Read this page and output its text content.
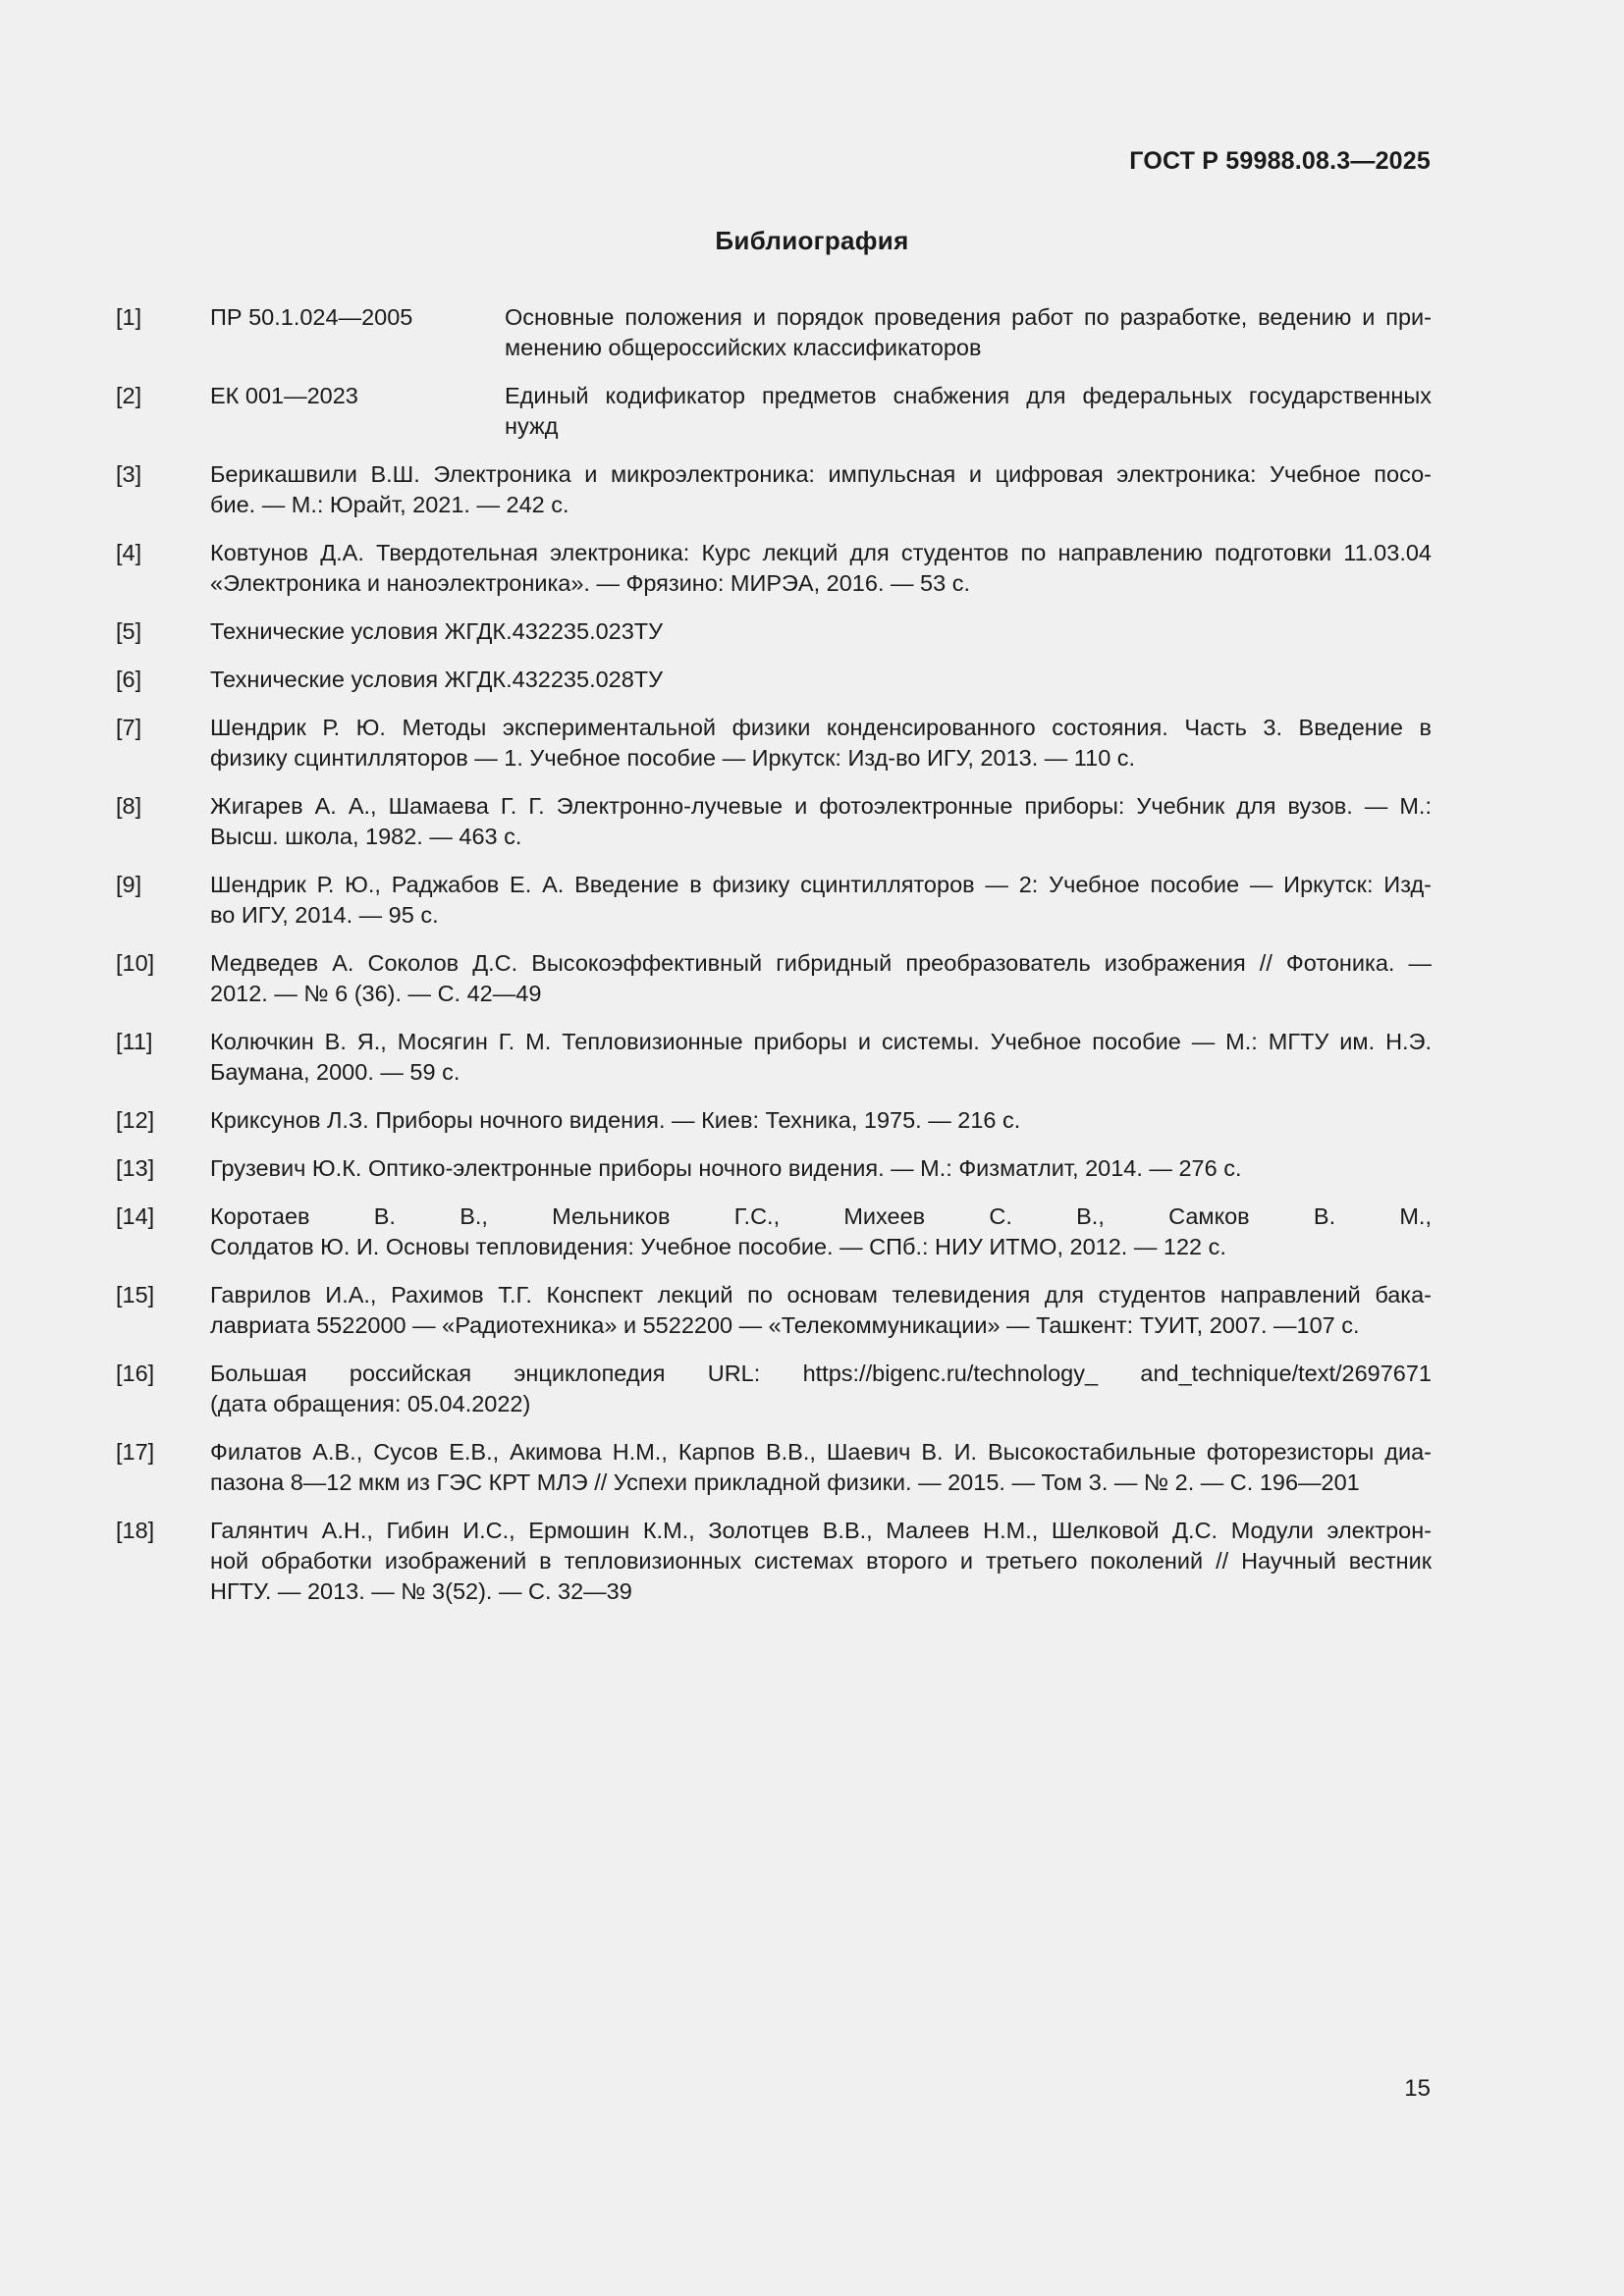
ГОСТ Р 59988.08.3—2025
Библиография
[1]	ПР 50.1.024—2005	Основные положения и порядок проведения работ по разработке, ведению и при-
менению общероссийских классификаторов
[2]	ЕК 001—2023	Единый кодификатор предметов снабжения для федеральных государственных
нужд
[3]	Берикашвили В.Ш. Электроника и микроэлектроника: импульсная и цифровая электроника: Учебное посо-
бие. — М.: Юрайт, 2021. — 242 с.
[4]	Ковтунов Д.А. Твердотельная электроника: Курс лекций для студентов по направлению подготовки 11.03.04
«Электроника и наноэлектроника». — Фрязино: МИРЭА, 2016. — 53 с.
[5]	Технические условия ЖГДК.432235.023ТУ
[6]	Технические условия ЖГДК.432235.028ТУ
[7]	Шендрик Р. Ю. Методы экспериментальной физики конденсированного состояния. Часть 3. Введение в
физику сцинтилляторов — 1. Учебное пособие — Иркутск: Изд-во ИГУ, 2013. — 110 с.
[8]	Жигарев А. А., Шамаева Г. Г. Электронно-лучевые и фотоэлектронные приборы: Учебник для вузов. — М.:
Высш. школа, 1982. — 463 с.
[9]	Шендрик Р. Ю., Раджабов Е. А. Введение в физику сцинтилляторов — 2: Учебное пособие — Иркутск: Изд-
во ИГУ, 2014. — 95 с.
[10]	Медведев А. Соколов Д.С. Высокоэффективный гибридный преобразователь изображения // Фотоника. —
2012. — № 6 (36). — С. 42—49
[11]	Колючкин В. Я., Мосягин Г. М. Тепловизионные приборы и системы. Учебное пособие — М.: МГТУ им. Н.Э.
Баумана, 2000. — 59 с.
[12]	Криксунов Л.З. Приборы ночного видения. — Киев: Техника, 1975. — 216 с.
[13]	Грузевич Ю.К. Оптико-электронные приборы ночного видения. — М.: Физматлит, 2014. — 276 с.
[14]	Коротаев В. В., Мельников Г.С., Михеев С. В., Самков В. М.,
Солдатов Ю. И. Основы тепловидения: Учебное пособие. — СПб.: НИУ ИТМО, 2012. — 122 с.
[15]	Гаврилов И.А., Рахимов Т.Г. Конспект лекций по основам телевидения для студентов направлений бака-
лавриата 5522000 — «Радиотехника» и 5522200 — «Телекоммуникации» — Ташкент: ТУИТ, 2007. —107 с.
[16]	Большая российская энциклопедия URL: https://bigenc.ru/technology_ and_technique/text/2697671
(дата обращения: 05.04.2022)
[17]	Филатов А.В., Сусов Е.В., Акимова Н.М., Карпов В.В., Шаевич В. И. Высокостабильные фоторезисторы диа-
пазона 8—12 мкм из ГЭС КРТ МЛЭ // Успехи прикладной физики. — 2015. — Том 3. — № 2. — С. 196—201
[18]	Галянтич А.Н., Гибин И.С., Ермошин К.М., Золотцев В.В., Малеев Н.М., Шелковой Д.С. Модули электрон-
ной обработки изображений в тепловизионных системах второго и третьего поколений // Научный вестник
НГТУ. — 2013. — № 3(52). — С. 32—39
15
